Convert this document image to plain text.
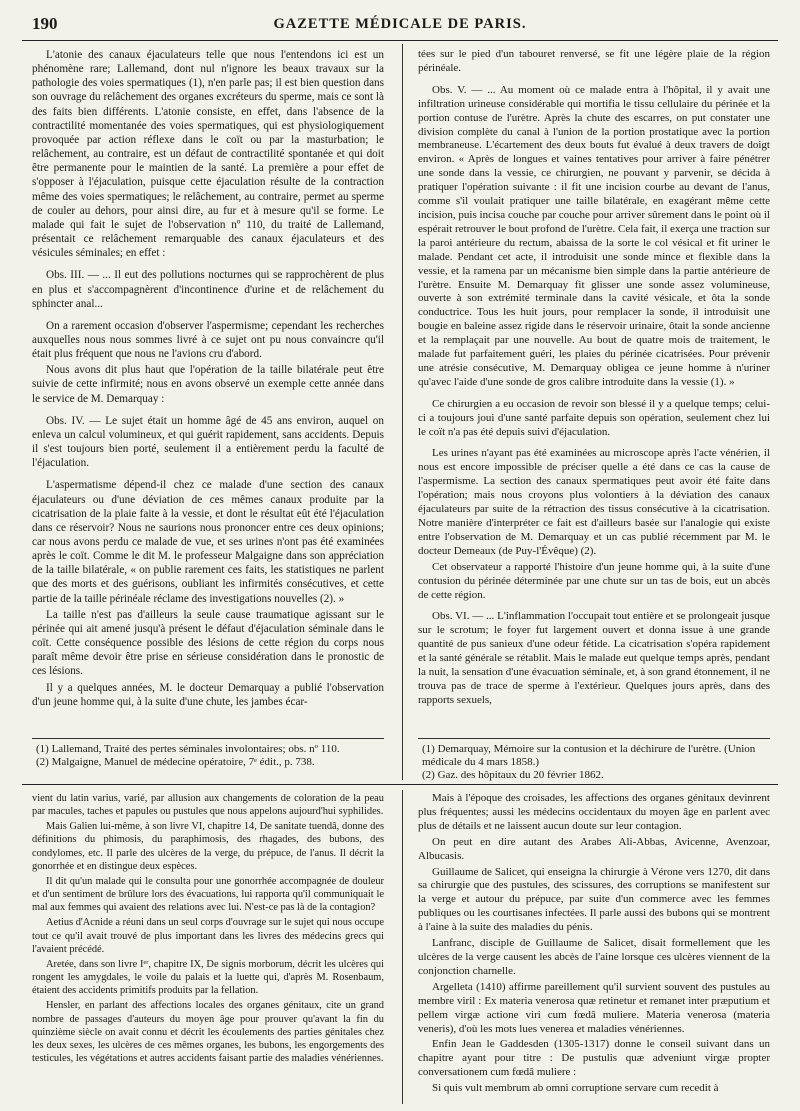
190	GAZETTE MÉDICALE DE PARIS.

L'atonie des canaux éjaculateurs telle que nous l'entendons ici est un phénomène rare; Lallemand, dont nul n'ignore les beaux travaux sur la pathologie des voies spermatiques (1), n'en parle pas; il est bien question dans son ouvrage du relâchement des organes excréteurs du sperme, mais ce sont là des faits bien différents. L'atonie consiste, en effet, dans l'absence de la contractilité momentanée des voies spermatiques, qui est physiologiquement provoquée par action réflexe dans le coït ou par la masturbation; le relâchement, au contraire, est un défaut de contractilité spontanée et qui doit être permanente pour le maintien de la santé. La première a pour effet de s'opposer à l'éjaculation, puisque cette éjaculation résulte de la contraction même des voies spermatiques; le relâchement, au contraire, permet au sperme de couler au dehors, pour ainsi dire, au fur et à mesure qu'il se forme. Le malade qui fait le sujet de l'observation nº 110, du traité de Lallemand, présentait ce relâchement remarquable des canaux éjaculateurs et des vésicules séminales; en effet :

Obs. III. — ... Il eut des pollutions nocturnes qui se rapprochèrent de plus en plus et s'accompagnèrent d'incontinence d'urine et de relâchement du sphincter anal...

On a rarement occasion d'observer l'aspermisme; cependant les recherches auxquelles nous nous sommes livré à ce sujet ont pu nous convaincre qu'il était plus fréquent que nous ne l'avions cru d'abord.

Nous avons dit plus haut que l'opération de la taille bilatérale peut être suivie de cette infirmité; nous en avons observé un exemple cette année dans le service de M. Demarquay :

Obs. IV. — Le sujet était un homme âgé de 45 ans environ, auquel on enleva un calcul volumineux, et qui guérit rapidement, sans accidents. Depuis il s'est toujours bien porté, seulement il a entièrement perdu la faculté de l'éjaculation.

L'aspermatisme dépend-il chez ce malade d'une section des canaux éjaculateurs ou d'une déviation de ces mêmes canaux produite par la cicatrisation de la plaie faite à la vessie, et dont le résultat eût été l'éjaculation dans ce réservoir? Nous ne saurions nous prononcer entre ces deux opinions; car nous avons perdu ce malade de vue, et ses urines n'ont pas été examinées après le coït. Comme le dit M. le professeur Malgaigne dans son appréciation de la taille bilatérale, « on publie rarement ces faits, les statistiques ne parlent que des morts et des guérisons, oubliant les infirmités consécutives, et cette partie de la taille périnéale réclame des investigations nouvelles (2). »

La taille n'est pas d'ailleurs la seule cause traumatique agissant sur le périnée qui ait amené jusqu'à présent le défaut d'éjaculation séminale dans le coït. Cette conséquence possible des lésions de cette région du corps nous paraît même devoir être prise en sérieuse considération dans le pronostic de ces lésions.

Il y a quelques années, M. le docteur Demarquay a publié l'observation d'un jeune homme qui, à la suite d'une chute, les jambes écar-

tées sur le pied d'un tabouret renversé, se fit une légère plaie de la région périnéale.

Obs. V. — ... Au moment où ce malade entra à l'hôpital, il y avait une infiltration urineuse considérable qui mortifia le tissu cellulaire du périnée et la portion contuse de l'urètre. Après la chute des escarres, on put constater une division complète du canal à l'union de la portion prostatique avec la portion membraneuse. L'écartement des deux bouts fut évalué à deux travers de doigt environ. « Après de longues et vaines tentatives pour arriver à faire pénétrer une sonde dans la vessie, ce chirurgien, ne pouvant y parvenir, se décida à pratiquer l'opération suivante : il fit une incision courbe au devant de l'anus, comme s'il voulait pratiquer une taille bilatérale, en exagérant même cette incision, puis incisa couche par couche pour arriver sûrement dans le point où il espérait retrouver le bout profond de l'urètre. Cela fait, il exerça une traction sur la paroi antérieure du rectum, abaissa de la sorte le col vésical et fit uriner le malade. Pendant cet acte, il introduisit une sonde mince et flexible dans la vessie, et la ramena par un mécanisme bien simple dans la partie antérieure de l'urètre. Ensuite M. Demarquay fit glisser une sonde assez volumineuse, ouverte à son extrémité terminale dans la cavité vésicale, et ôta la sonde conductrice. Tous les huit jours, pour remplacer la sonde, il introduisit une bougie en baleine assez rigide dans le réservoir urinaire, ôtait la sonde ancienne et la remplaçait par une nouvelle. Au bout de quatre mois de traitement, le malade fut parfaitement guéri, les plaies du périnée cicatrisées. Pour prévenir une atrésie consécutive, M. Demarquay obligea ce jeune homme à n'uriner qu'avec l'aide d'une sonde de gros calibre introduite dans la vessie (1). »

Ce chirurgien a eu occasion de revoir son blessé il y a quelque temps; celui-ci a toujours joui d'une santé parfaite depuis son opération, seulement chez lui le coït n'a pas été depuis suivi d'éjaculation.

Les urines n'ayant pas été examinées au microscope après l'acte vénérien, il nous est encore impossible de préciser quelle a été dans ce cas la cause de l'aspermisme. La section des canaux spermatiques peut avoir été faite dans l'opération; mais nous croyons plus volontiers à la déviation des canaux éjaculateurs par suite de la rétraction des tissus consécutive à la cicatrisation. Notre manière d'interpréter ce fait est d'ailleurs basée sur l'analogie qui existe entre l'observation de M. Demarquay et un cas publié récemment par M. le docteur Demeaux (de Puy-l'Évêque) (2).

Cet observateur a rapporté l'histoire d'un jeune homme qui, à la suite d'une contusion du périnée déterminée par une chute sur un tas de bois, eut un abcès de cette région.

Obs. VI. — ... L'inflammation l'occupait tout entière et se prolongeait jusque sur le scrotum; le foyer fut largement ouvert et donna issue à une grande quantité de pus sanieux d'une odeur fétide. La cicatrisation s'opéra rapidement et la santé générale se rétablit. Mais le malade eut quelque temps après, pendant la nuit, la sensation d'une évacuation séminale, et, à son grand étonnement, il ne trouva pas de trace de sperme à l'extérieur. Quelques jours après, dans des rapports sexuels,

(1) Lallemand, Traité des pertes séminales involontaires; obs. nº 110.
(2) Malgaigne, Manuel de médecine opératoire, 7ᵉ édit., p. 738.
(1) Demarquay, Mémoire sur la contusion et la déchirure de l'urètre. (Union médicale du 4 mars 1858.)
(2) Gaz. des hôpitaux du 20 février 1862.

vient du latin varius, varié, par allusion aux changements de coloration de la peau par macules, taches et papules ou pustules que nous appelons aujourd'hui syphilides.

Mais Galien lui-même, à son livre VI, chapitre 14, De sanitate tuendâ, donne des définitions du phimosis, du paraphimosis, des rhagades, des bubons, des condylomes, etc. Il parle des ulcères de la verge, du prépuce, de l'anus. Il décrit la gonorrhée et en distingue deux espèces.

Il dit qu'un malade qui le consulta pour une gonorrhée accompagnée de douleur et d'un sentiment de brûlure lors des évacuations, lui rapporta qu'il communiquait le mal aux femmes qui avaient des relations avec lui. N'est-ce pas là de la contagion?

Aetius d'Acnide a réuni dans un seul corps d'ouvrage sur le sujet qui nous occupe tout ce qu'il avait trouvé de plus important dans les livres des médecins grecs qui l'avaient précédé.

Aretée, dans son livre Iᵉʳ, chapitre IX, De signis morborum, décrit les ulcères qui rongent les amygdales, le voile du palais et la luette qui, d'après M. Rosenbaum, étaient des accidents primitifs produits par la fellation.

Hensler, en parlant des affections locales des organes génitaux, cite un grand nombre de passages d'auteurs du moyen âge pour prouver qu'avant la fin du quinzième siècle on avait connu et décrit les écoulements des parties génitales chez les deux sexes, les ulcères de ces mêmes organes, les bubons, les engorgements des testicules, les végétations et autres accidents faisant partie des maladies vénériennes.

Mais à l'époque des croisades, les affections des organes génitaux devinrent plus fréquentes; aussi les médecins occidentaux du moyen âge en parlent avec plus de détails et ne laissent aucun doute sur leur contagion.

On peut en dire autant des Arabes Ali-Abbas, Avicenne, Avenzoar, Albucasis.

Guillaume de Salicet, qui enseigna la chirurgie à Vérone vers 1270, dit dans sa chirurgie que des pustules, des scissures, des corruptions se manifestent sur la verge et autour du prépuce, par suite d'un commerce avec les femmes publiques ou les courtisanes infectées. Il parle aussi des bubons qui se montrent à l'aine à la suite des maladies du pénis.

Lanfranc, disciple de Guillaume de Salicet, disait formellement que les ulcères de la verge causent les abcès de l'aine lorsque ces ulcères viennent de la conjonction charnelle.

Argelleta (1410) affirme pareillement qu'il survient souvent des pustules au membre viril : Ex materia venerosa quæ retinetur et remanet inter præputium et pellem virgæ actione viri cum fœdâ muliere. Materia venerosa (materia veneris), d'où les mots lues venerea et maladies vénériennes.

Enfin Jean le Gaddesden (1305-1317) donne le conseil suivant dans un chapitre ayant pour titre : De pustulis quæ adveniunt virgæ propter conversationem cum fœdâ muliere :

Si quis vult membrum ab omni corruptione servare cum recedit à
